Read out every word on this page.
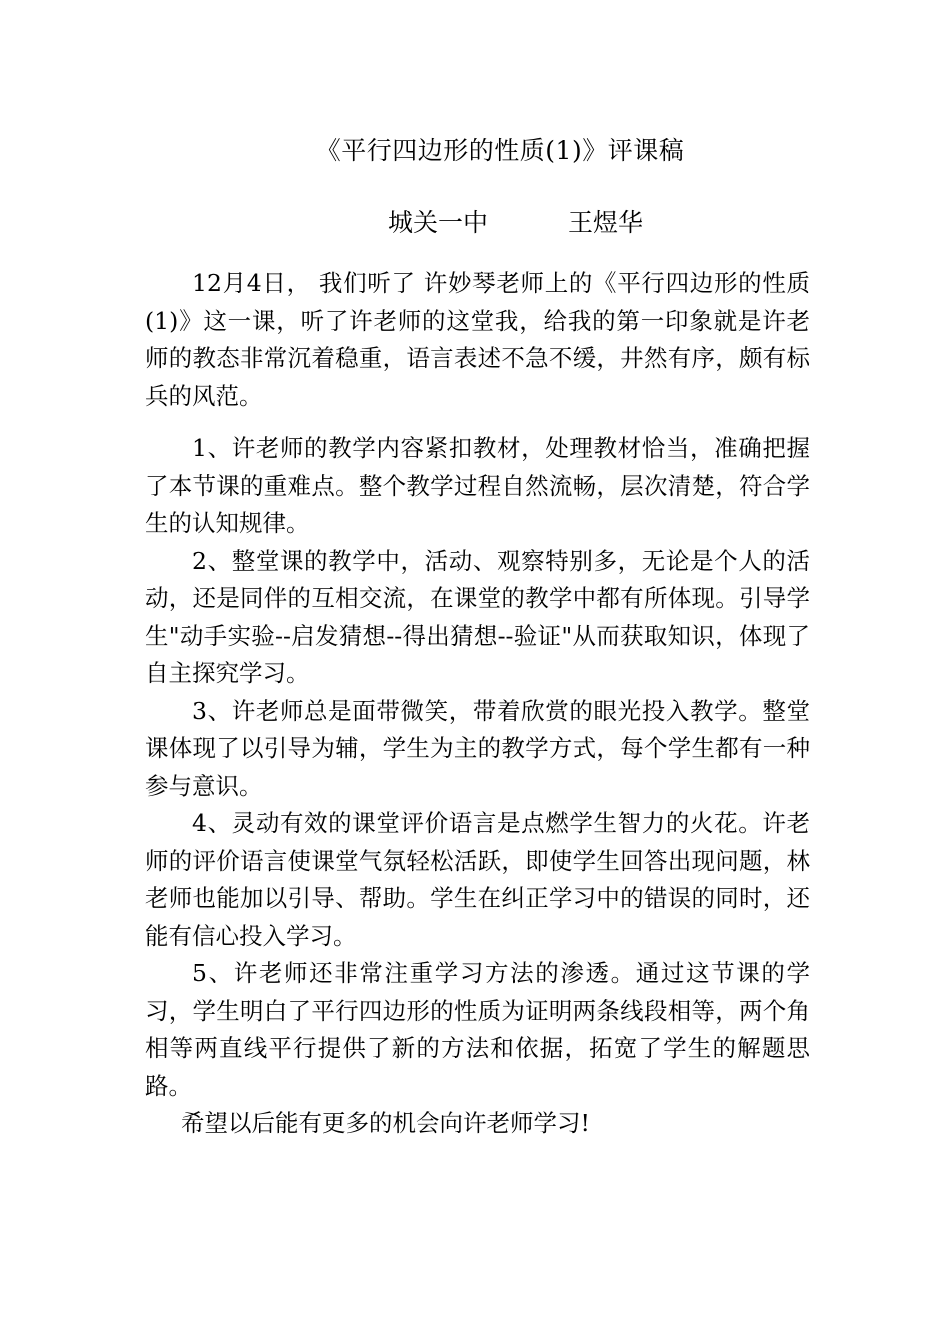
《平行四边形的性质(1)》评课稿
城关一中	王煜华

12月4日， 我们听了 许妙琴老师上的《平行四边形的性质(1)》这一课，听了许老师的这堂我，给我的第一印象就是许老师的教态非常沉着稳重，语言表述不急不缓，井然有序，颇有标兵的风范。

1、许老师的教学内容紧扣教材，处理教材恰当，准确把握了本节课的重难点。整个教学过程自然流畅，层次清楚，符合学生的认知规律。

2、整堂课的教学中，活动、观察特别多，无论是个人的活动，还是同伴的互相交流，在课堂的教学中都有所体现。引导学生"动手实验--启发猜想--得出猜想--验证"从而获取知识，体现了自主探究学习。

3、许老师总是面带微笑，带着欣赏的眼光投入教学。整堂课体现了以引导为辅，学生为主的教学方式，每个学生都有一种参与意识。

4、灵动有效的课堂评价语言是点燃学生智力的火花。许老师的评价语言使课堂气氛轻松活跃，即使学生回答出现问题，林老师也能加以引导、帮助。学生在纠正学习中的错误的同时，还能有信心投入学习。

5、许老师还非常注重学习方法的渗透。通过这节课的学习，学生明白了平行四边形的性质为证明两条线段相等，两个角相等两直线平行提供了新的方法和依据，拓宽了学生的解题思路。

希望以后能有更多的机会向许老师学习!
